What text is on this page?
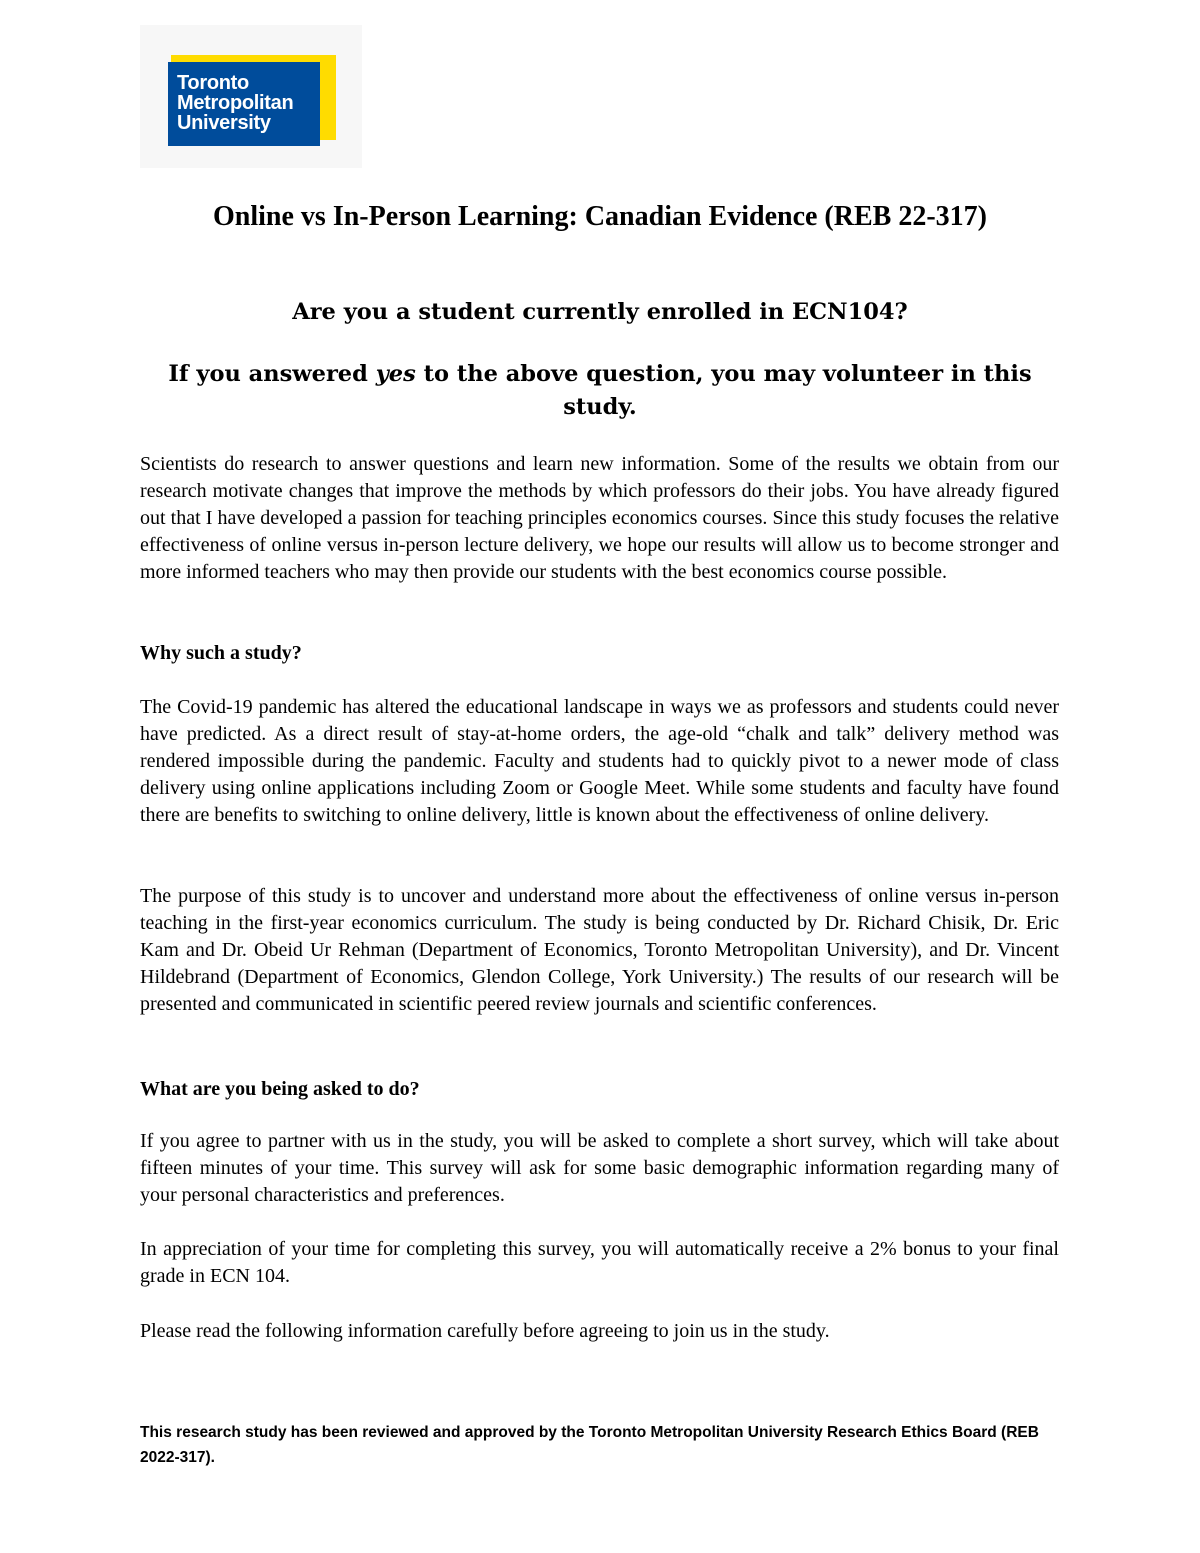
Toronto
Metropolitan
University
Online vs In-Person Learning: Canadian Evidence (REB 22-317)

Are you a student currently enrolled in ECN104?

If you answered yes to the above question, you may volunteer in this study.

Scientists do research to answer questions and learn new information. Some of the results we obtain from our research motivate changes that improve the methods by which professors do their jobs. You have already figured out that I have developed a passion for teaching principles economics courses. Since this study focuses the relative effectiveness of online versus in-person lecture delivery, we hope our results will allow us to become stronger and more informed teachers who may then provide our students with the best economics course possible.

Why such a study?

The Covid-19 pandemic has altered the educational landscape in ways we as professors and students could never have predicted. As a direct result of stay-at-home orders, the age-old “chalk and talk” delivery method was rendered impossible during the pandemic. Faculty and students had to quickly pivot to a newer mode of class delivery using online applications including Zoom or Google Meet. While some students and faculty have found there are benefits to switching to online delivery, little is known about the effectiveness of online delivery.

The purpose of this study is to uncover and understand more about the effectiveness of online versus in-person teaching in the first-year economics curriculum. The study is being conducted by Dr. Richard Chisik, Dr. Eric Kam and Dr. Obeid Ur Rehman (Department of Economics, Toronto Metropolitan University), and Dr. Vincent Hildebrand (Department of Economics, Glendon College, York University.) The results of our research will be presented and communicated in scientific peered review journals and scientific conferences.

What are you being asked to do?

If you agree to partner with us in the study, you will be asked to complete a short survey, which will take about fifteen minutes of your time. This survey will ask for some basic demographic information regarding many of your personal characteristics and preferences.

In appreciation of your time for completing this survey, you will automatically receive a 2% bonus to your final grade in ECN 104.

Please read the following information carefully before agreeing to join us in the study.

This research study has been reviewed and approved by the Toronto Metropolitan University Research Ethics Board (REB 2022-317).
